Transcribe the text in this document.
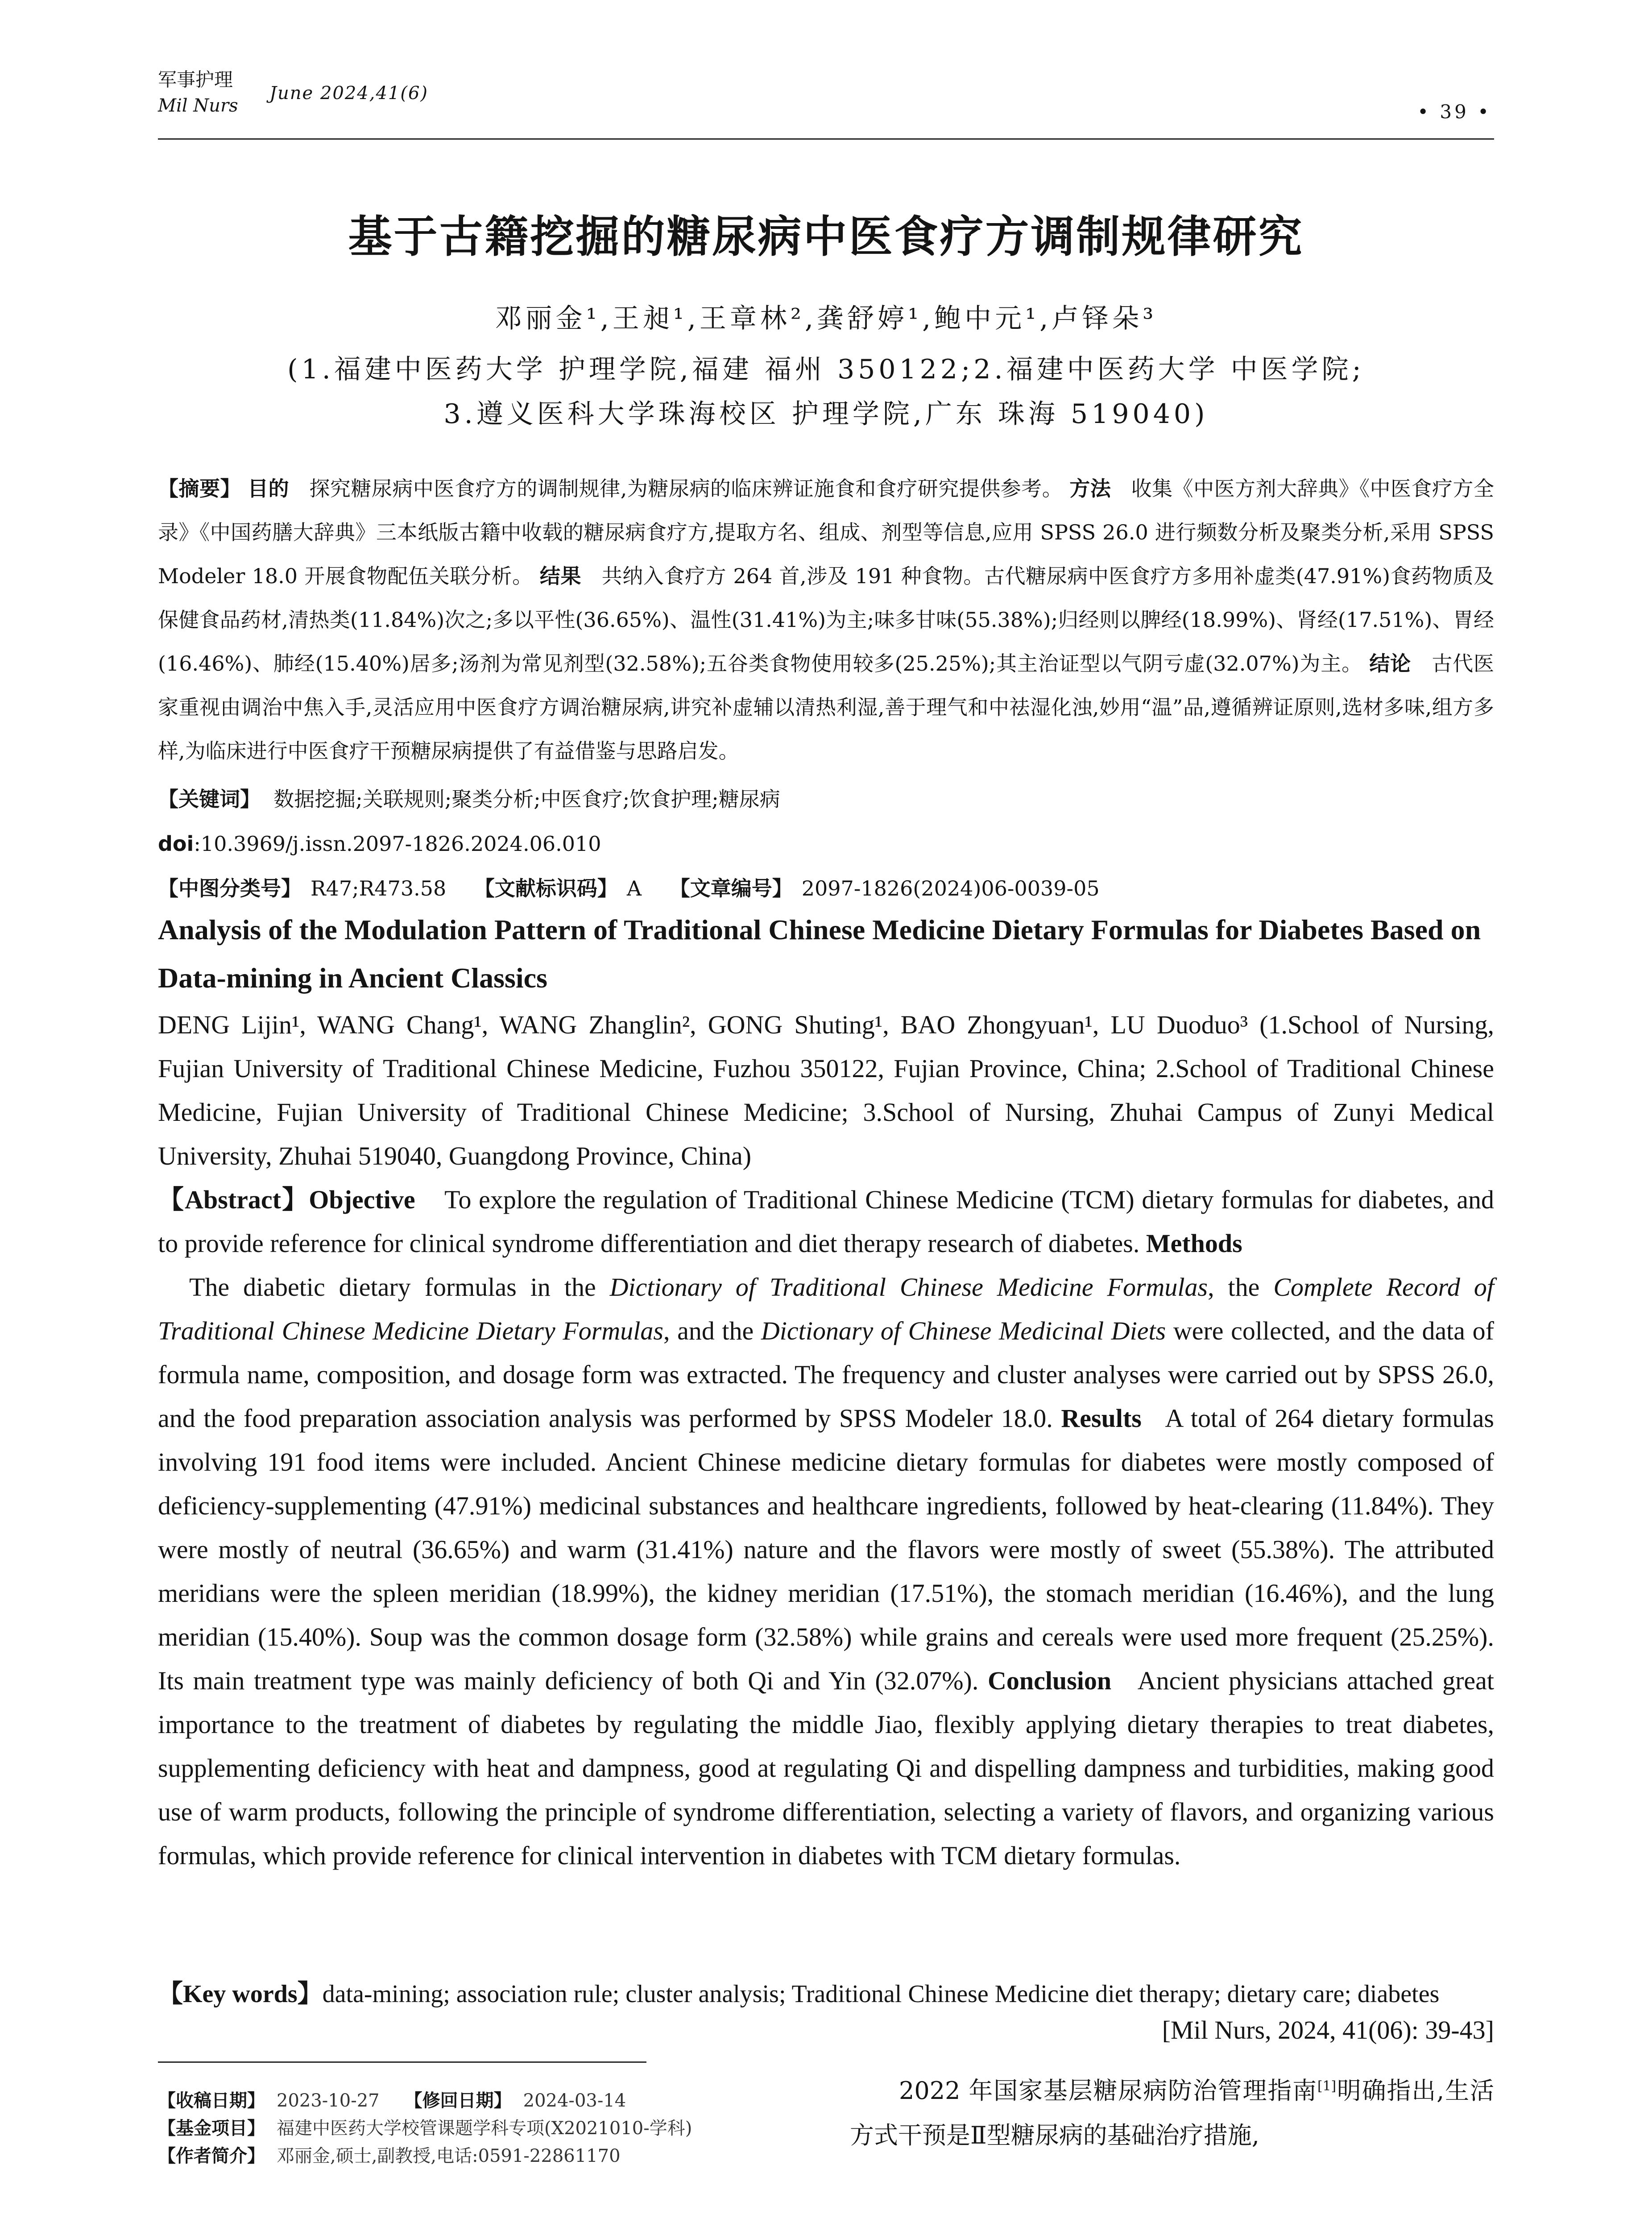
军事护理
Mil Nurs
June 2024,41(6)
• 39 •
基于古籍挖掘的糖尿病中医食疗方调制规律研究
邓丽金¹,王昶¹,王章林²,龚舒婷¹,鲍中元¹,卢铎朵³
(1.福建中医药大学 护理学院,福建 福州 350122;2.福建中医药大学 中医学院;
3.遵义医科大学珠海校区 护理学院,广东 珠海 519040)
【摘要】 目的 探究糖尿病中医食疗方的调制规律,为糖尿病的临床辨证施食和食疗研究提供参考。 方法 收集《中医方剂大辞典》《中医食疗方全录》《中国药膳大辞典》三本纸版古籍中收载的糖尿病食疗方,提取方名、组成、剂型等信息,应用 SPSS 26.0 进行频数分析及聚类分析,采用 SPSS Modeler 18.0 开展食物配伍关联分析。 结果 共纳入食疗方 264 首,涉及 191 种食物。古代糖尿病中医食疗方多用补虚类(47.91%)食药物质及保健食品药材,清热类(11.84%)次之;多以平性(36.65%)、温性(31.41%)为主;味多甘味(55.38%);归经则以脾经(18.99%)、肾经(17.51%)、胃经(16.46%)、肺经(15.40%)居多;汤剂为常见剂型(32.58%);五谷类食物使用较多(25.25%);其主治证型以气阴亏虚(32.07%)为主。 结论 古代医家重视由调治中焦入手,灵活应用中医食疗方调治糖尿病,讲究补虚辅以清热利湿,善于理气和中祛湿化浊,妙用“温”品,遵循辨证原则,选材多味,组方多样,为临床进行中医食疗干预糖尿病提供了有益借鉴与思路启发。
【关键词】 数据挖掘;关联规则;聚类分析;中医食疗;饮食护理;糖尿病
doi:10.3969/j.issn.2097-1826.2024.06.010
【中图分类号】 R47;R473.58 【文献标识码】 A 【文章编号】 2097-1826(2024)06-0039-05
Analysis of the Modulation Pattern of Traditional Chinese Medicine Dietary Formulas for Diabetes Based on Data-mining in Ancient Classics
DENG Lijin¹, WANG Chang¹, WANG Zhanglin², GONG Shuting¹, BAO Zhongyuan¹, LU Duoduo³ (1.School of Nursing, Fujian University of Traditional Chinese Medicine, Fuzhou 350122, Fujian Province, China; 2.School of Traditional Chinese Medicine, Fujian University of Traditional Chinese Medicine; 3.School of Nursing, Zhuhai Campus of Zunyi Medical University, Zhuhai 519040, Guangdong Province, China)
【Abstract】Objective To explore the regulation of Traditional Chinese Medicine (TCM) dietary formulas for diabetes, and to provide reference for clinical syndrome differentiation and diet therapy research of diabetes. Methods
The diabetic dietary formulas in the Dictionary of Traditional Chinese Medicine Formulas, the Complete Record of Traditional Chinese Medicine Dietary Formulas, and the Dictionary of Chinese Medicinal Diets were collected, and the data of formula name, composition, and dosage form was extracted. The frequency and cluster analyses were carried out by SPSS 26.0, and the food preparation association analysis was performed by SPSS Modeler 18.0. Results A total of 264 dietary formulas involving 191 food items were included. Ancient Chinese medicine dietary formulas for diabetes were mostly composed of deficiency-supplementing (47.91%) medicinal substances and healthcare ingredients, followed by heat-clearing (11.84%). They were mostly of neutral (36.65%) and warm (31.41%) nature and the flavors were mostly of sweet (55.38%). The attributed meridians were the spleen meridian (18.99%), the kidney meridian (17.51%), the stomach meridian (16.46%), and the lung meridian (15.40%). Soup was the common dosage form (32.58%) while grains and cereals were used more frequent (25.25%). Its main treatment type was mainly deficiency of both Qi and Yin (32.07%). Conclusion Ancient physicians attached great importance to the treatment of diabetes by regulating the middle Jiao, flexibly applying dietary therapies to treat diabetes, supplementing deficiency with heat and dampness, good at regulating Qi and dispelling dampness and turbidities, making good use of warm products, following the principle of syndrome differentiation, selecting a variety of flavors, and organizing various formulas, which provide reference for clinical intervention in diabetes with TCM dietary formulas.
【Key words】data-mining; association rule; cluster analysis; Traditional Chinese Medicine diet therapy; dietary care; diabetes
[Mil Nurs, 2024, 41(06): 39-43]
【收稿日期】 2023-10-27 【修回日期】 2024-03-14
【基金项目】 福建中医药大学校管课题学科专项(X2021010-学科)
【作者简介】 邓丽金,硕士,副教授,电话:0591-22861170
2022 年国家基层糖尿病防治管理指南[1]明确指出,生活方式干预是Ⅱ型糖尿病的基础治疗措施,
